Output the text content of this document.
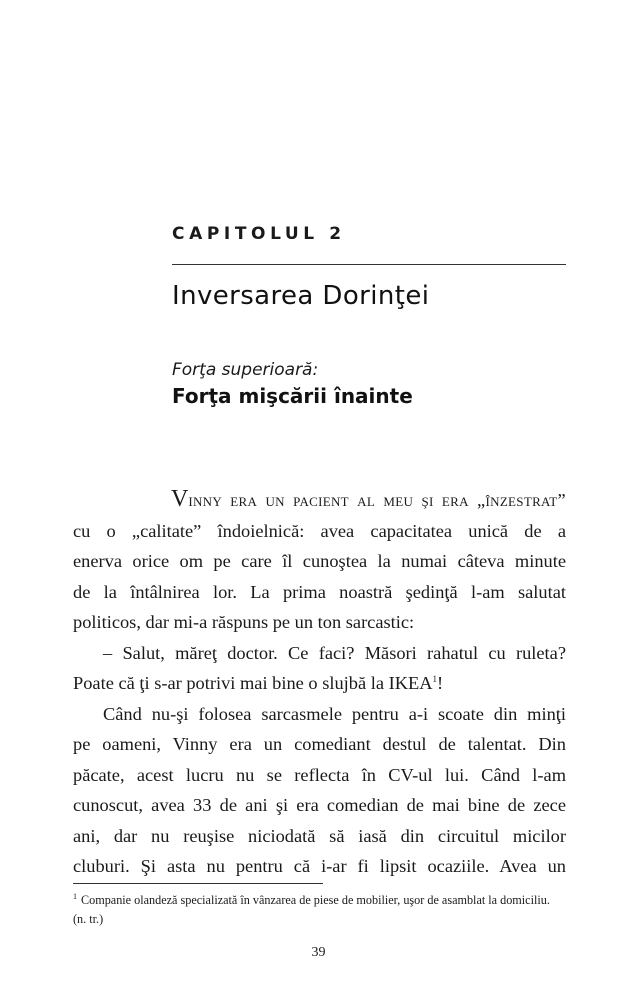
CAPITOLUL 2
Inversarea Dorinţei
Forţa superioară:
Forţa mişcării înainte
Vinny era un pacient al meu şi era „înzestrat”
cu o „calitate” îndoielnică: avea capacitatea unică de a
enerva orice om pe care îl cunoştea la numai câteva minute
de la întâlnirea lor. La prima noastră şedinţă l-am salutat
politicos, dar mi-a răspuns pe un ton sarcastic:
– Salut, măreţ doctor. Ce faci? Măsori rahatul cu ruleta?
Poate că ţi s-ar potrivi mai bine o slujbă la IKEA$^1$!
Când nu-şi folosea sarcasmele pentru a-i scoate din minţi
pe oameni, Vinny era un comediant destul de talentat. Din
păcate, acest lucru nu se reflecta în CV-ul lui. Când l-am
cunoscut, avea 33 de ani şi era comedian de mai bine de zece
ani, dar nu reuşise niciodată să iasă din circuitul micilor
cluburi. Şi asta nu pentru că i-ar fi lipsit ocaziile. Avea un
$^1$ Companie olandeză specializată în vânzarea de piese de mobilier, uşor de asamblat la domiciliu. (n. tr.)
39
